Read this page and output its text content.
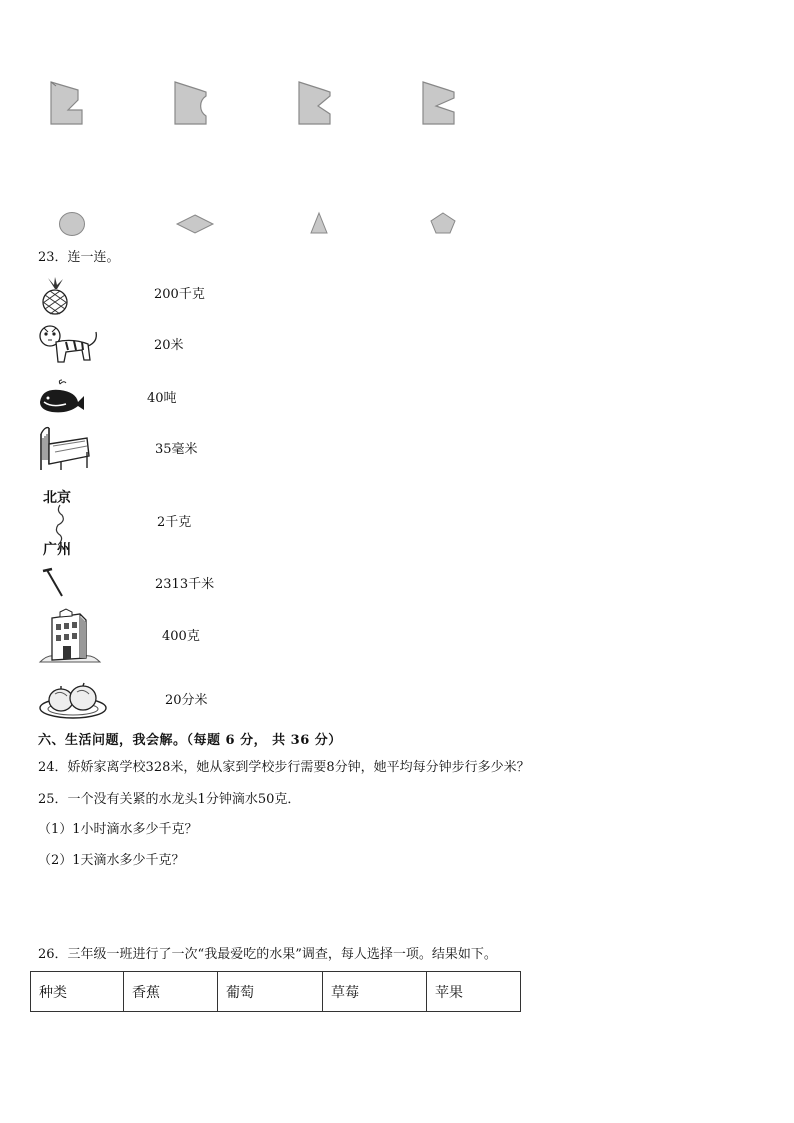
23．连一连。
200千克
20米
40吨
35毫米
北京
广州
2千克
2313千米
400克
20分米
六、生活问题，我会解。（每题 6 分， 共 36 分）
24．娇娇家离学校328米，她从家到学校步行需要8分钟，她平均每分钟步行多少米？
25．一个没有关紧的水龙头1分钟滴水50克．
（1）1小时滴水多少千克？
（2）1天滴水多少千克？
26．三年级一班进行了一次“我最爱吃的水果”调查，每人选择一项。结果如下。
种类	香蕉	葡萄	草莓	苹果
